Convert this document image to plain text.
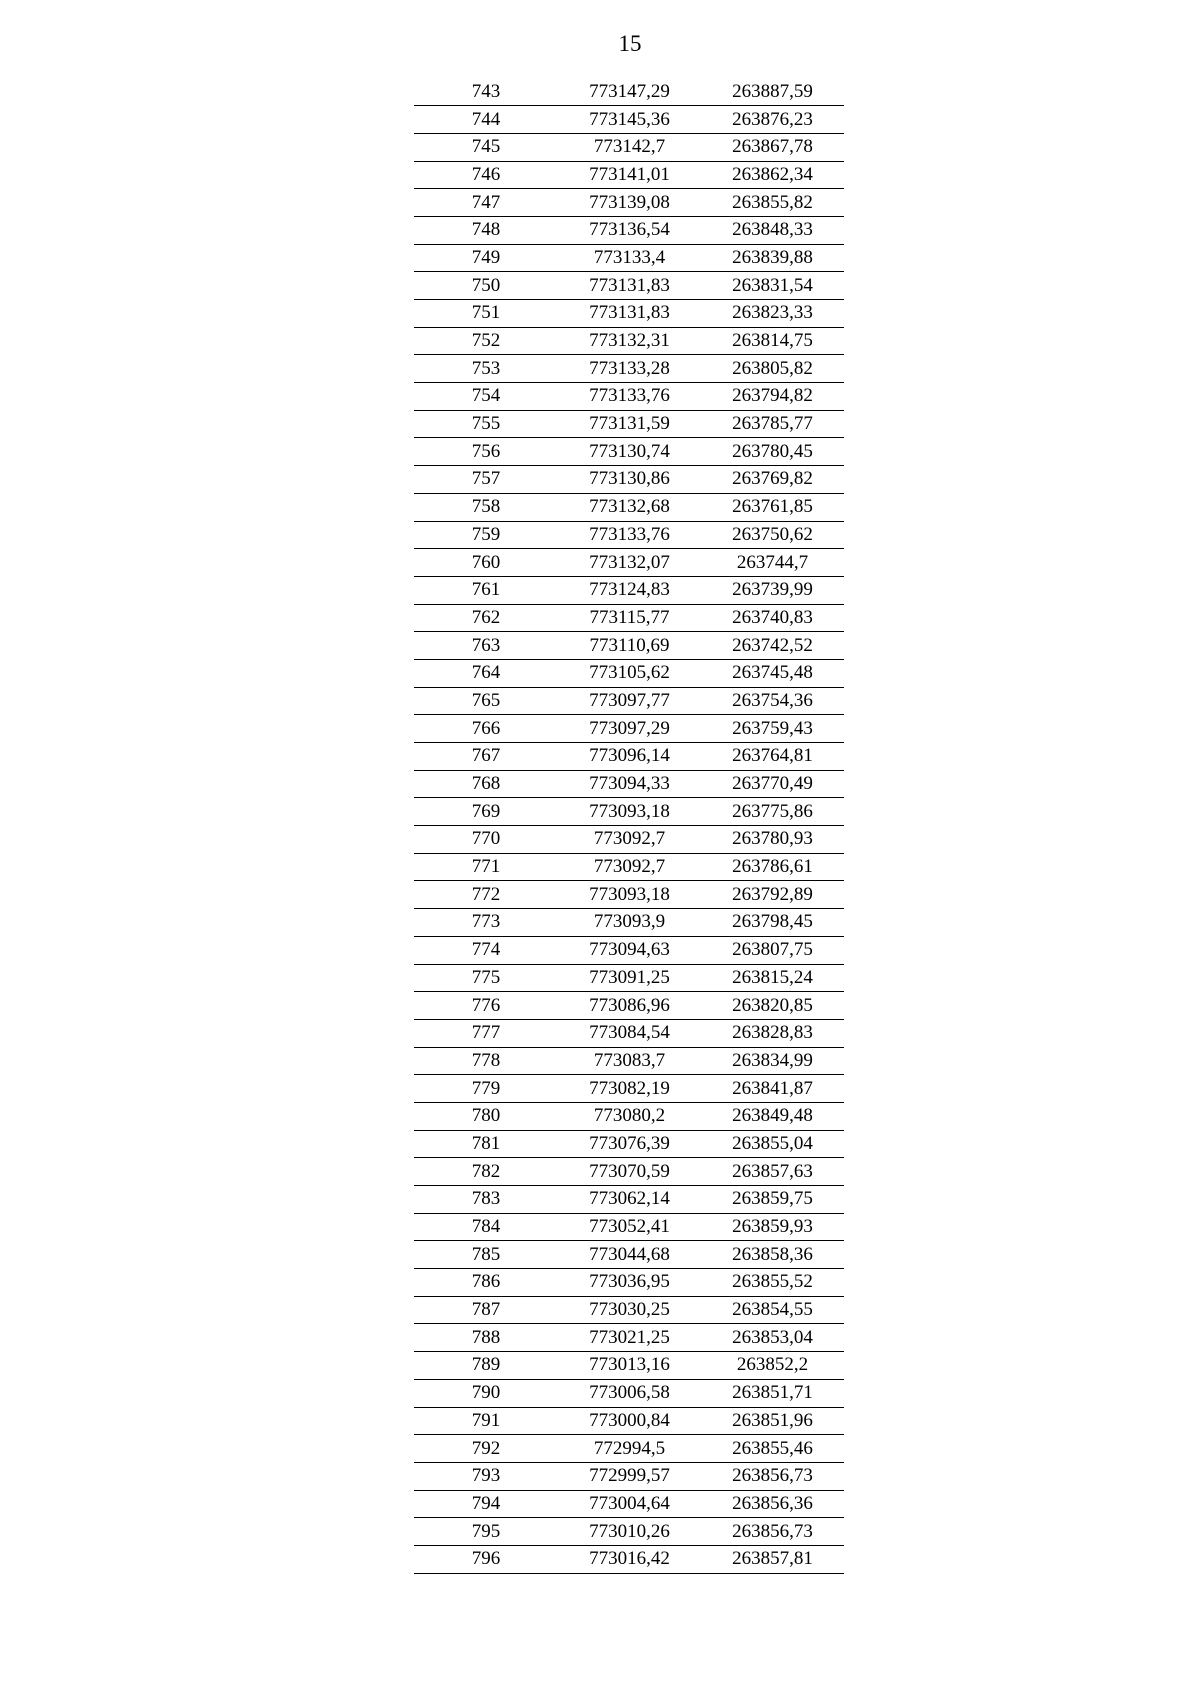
15
743	773147,29	263887,59
744	773145,36	263876,23
745	773142,7	263867,78
746	773141,01	263862,34
747	773139,08	263855,82
748	773136,54	263848,33
749	773133,4	263839,88
750	773131,83	263831,54
751	773131,83	263823,33
752	773132,31	263814,75
753	773133,28	263805,82
754	773133,76	263794,82
755	773131,59	263785,77
756	773130,74	263780,45
757	773130,86	263769,82
758	773132,68	263761,85
759	773133,76	263750,62
760	773132,07	263744,7
761	773124,83	263739,99
762	773115,77	263740,83
763	773110,69	263742,52
764	773105,62	263745,48
765	773097,77	263754,36
766	773097,29	263759,43
767	773096,14	263764,81
768	773094,33	263770,49
769	773093,18	263775,86
770	773092,7	263780,93
771	773092,7	263786,61
772	773093,18	263792,89
773	773093,9	263798,45
774	773094,63	263807,75
775	773091,25	263815,24
776	773086,96	263820,85
777	773084,54	263828,83
778	773083,7	263834,99
779	773082,19	263841,87
780	773080,2	263849,48
781	773076,39	263855,04
782	773070,59	263857,63
783	773062,14	263859,75
784	773052,41	263859,93
785	773044,68	263858,36
786	773036,95	263855,52
787	773030,25	263854,55
788	773021,25	263853,04
789	773013,16	263852,2
790	773006,58	263851,71
791	773000,84	263851,96
792	772994,5	263855,46
793	772999,57	263856,73
794	773004,64	263856,36
795	773010,26	263856,73
796	773016,42	263857,81
